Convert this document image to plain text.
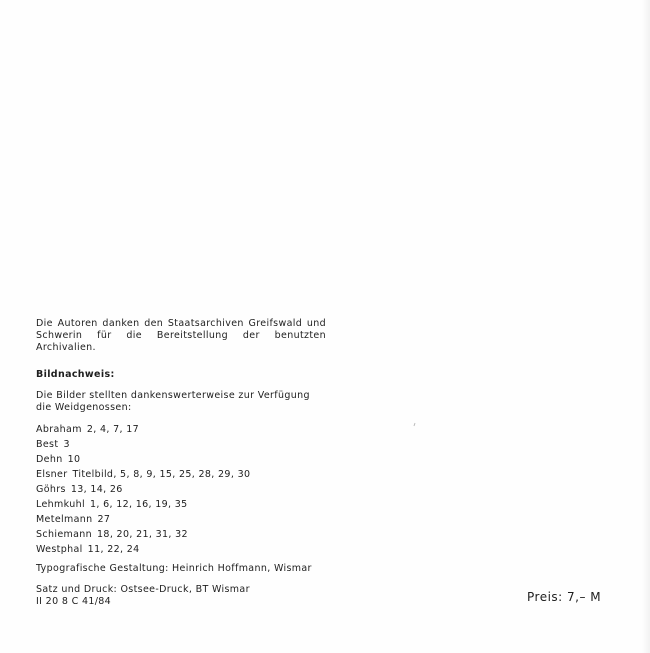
Die Autoren danken den Staatsarchiven Greifswald und Schwerin für die Bereitstellung der benutzten Archivalien.

Bildnachweis:

Die Bilder stellten dankenswerterweise zur Verfügung die Weidgenossen:

Abraham 2, 4, 7, 17
Best 3
Dehn 10
Elsner Titelbild, 5, 8, 9, 15, 25, 28, 29, 30
Göhrs 13, 14, 26
Lehmkuhl 1, 6, 12, 16, 19, 35
Metelmann 27
Schiemann 18, 20, 21, 31, 32
Westphal 11, 22, 24

Typografische Gestaltung: Heinrich Hoffmann, Wismar

Satz und Druck: Ostsee-Druck, BT Wismar

II 20 8 C 41/84	Preis: 7,– M
